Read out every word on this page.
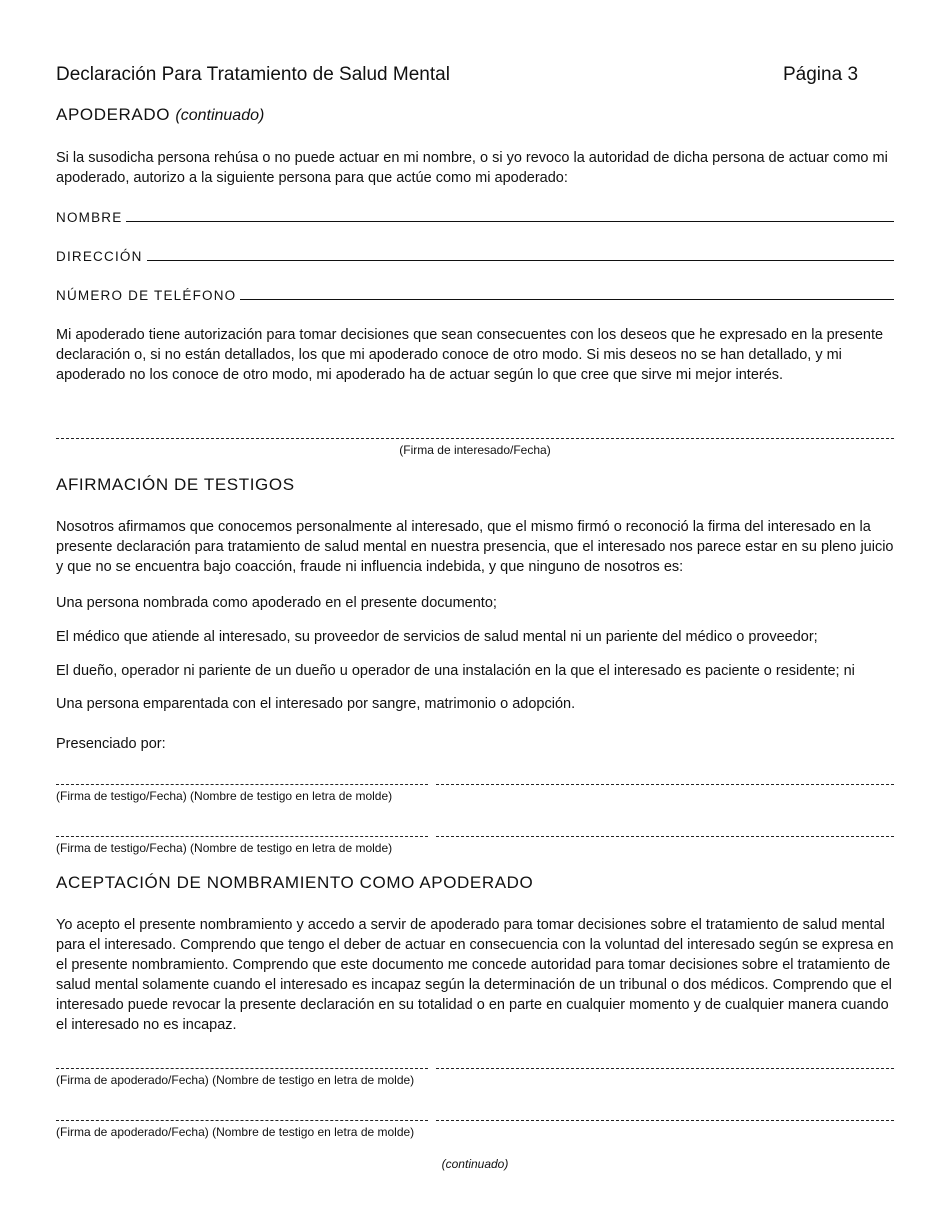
Declaración Para Tratamiento de Salud Mental	Página 3
APODERADO (continuado)
Si la susodicha persona rehúsa o no puede actuar en mi nombre, o si yo revoco la autoridad de dicha persona de actuar como mi apoderado, autorizo a la siguiente persona para que actúe como mi apoderado:
NOMBRE
DIRECCIÓN
NÚMERO DE TELÉFONO
Mi apoderado tiene autorización para tomar decisiones que sean consecuentes con los deseos que he expresado en la presente declaración o, si no están detallados, los que mi apoderado conoce de otro modo. Si mis deseos no se han detallado, y mi apoderado no los conoce de otro modo, mi apoderado ha de actuar según lo que cree que sirve mi mejor interés.
(Firma de interesado/Fecha)
AFIRMACIÓN DE TESTIGOS
Nosotros afirmamos que conocemos personalmente al interesado, que el mismo firmó o reconoció la firma del interesado en la presente declaración para tratamiento de salud mental en nuestra presencia, que el interesado nos parece estar en su pleno juicio y que no se encuentra bajo coacción, fraude ni influencia indebida, y que ninguno de nosotros es:
Una persona nombrada como apoderado en el presente documento;
El médico que atiende al interesado, su proveedor de servicios de salud mental ni un pariente del médico o proveedor;
El dueño, operador ni pariente de un dueño u operador de una instalación en la que el interesado es paciente o residente; ni
Una persona emparentada con el interesado por sangre, matrimonio o adopción.
Presenciado por:
(Firma de testigo/Fecha) (Nombre de testigo en letra de molde)
(Firma de testigo/Fecha) (Nombre de testigo en letra de molde)
ACEPTACIÓN DE NOMBRAMIENTO COMO APODERADO
Yo acepto el presente nombramiento y accedo a servir de apoderado para tomar decisiones sobre el tratamiento de salud mental para el interesado. Comprendo que tengo el deber de actuar en consecuencia con la voluntad del interesado según se expresa en el presente nombramiento. Comprendo que este documento me concede autoridad para tomar decisiones sobre el tratamiento de salud mental solamente cuando el interesado es incapaz según la determinación de un tribunal o dos médicos. Comprendo que el interesado puede revocar la presente declaración en su totalidad o en parte en cualquier momento y de cualquier manera cuando el interesado no es incapaz.
(Firma de apoderado/Fecha) (Nombre de testigo en letra de molde)
(Firma de apoderado/Fecha) (Nombre de testigo en letra de molde)
(continuado)
